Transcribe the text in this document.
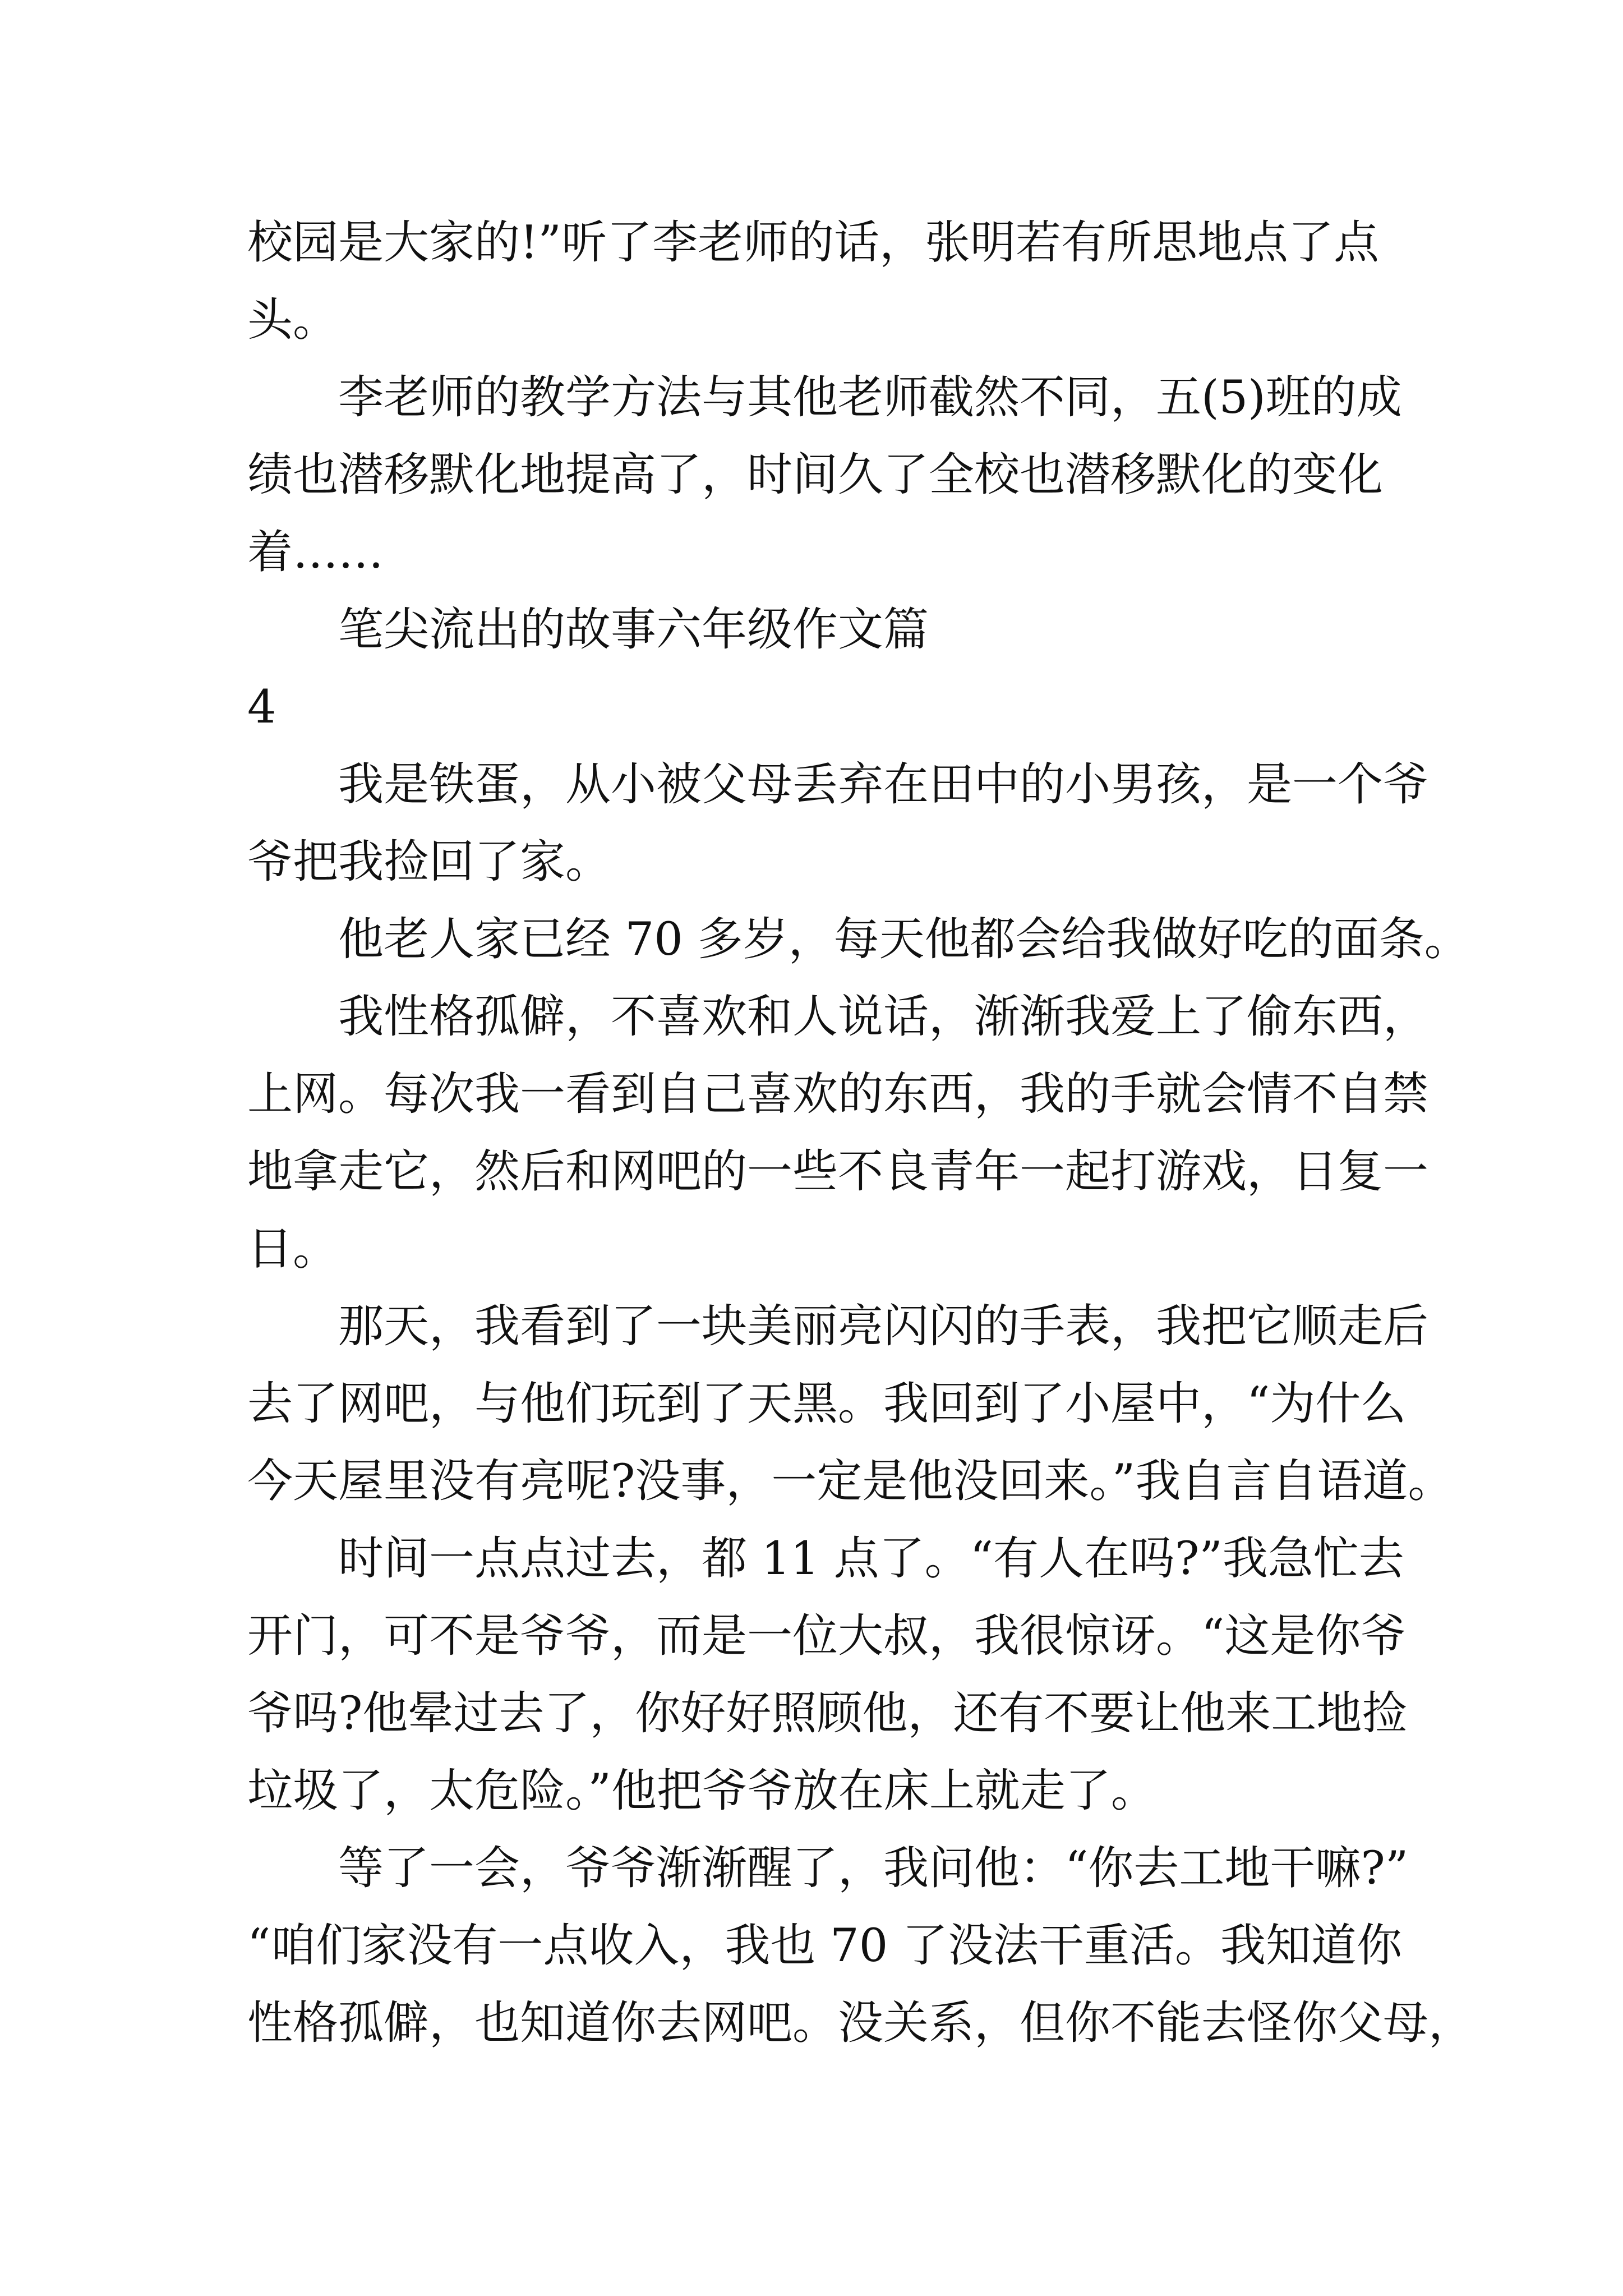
校园是大家的!”听了李老师的话，张明若有所思地点了点
头。
李老师的教学方法与其他老师截然不同，五(5)班的成
绩也潜移默化地提高了，时间久了全校也潜移默化的变化
着……
笔尖流出的故事六年级作文篇
4
我是铁蛋，从小被父母丢弃在田中的小男孩，是一个爷
爷把我捡回了家。
他老人家已经 70 多岁，每天他都会给我做好吃的面条。
我性格孤僻，不喜欢和人说话，渐渐我爱上了偷东西，
上网。每次我一看到自己喜欢的东西，我的手就会情不自禁
地拿走它，然后和网吧的一些不良青年一起打游戏，日复一
日。
那天，我看到了一块美丽亮闪闪的手表，我把它顺走后
去了网吧，与他们玩到了天黑。我回到了小屋中，“为什么
今天屋里没有亮呢?没事，一定是他没回来。”我自言自语道。
时间一点点过去，都 11 点了。“有人在吗?”我急忙去
开门，可不是爷爷，而是一位大叔，我很惊讶。“这是你爷
爷吗?他晕过去了，你好好照顾他，还有不要让他来工地捡
垃圾了，太危险。”他把爷爷放在床上就走了。
等了一会，爷爷渐渐醒了，我问他：“你去工地干嘛?”
“咱们家没有一点收入，我也 70 了没法干重活。我知道你
性格孤僻，也知道你去网吧。没关系，但你不能去怪你父母，
